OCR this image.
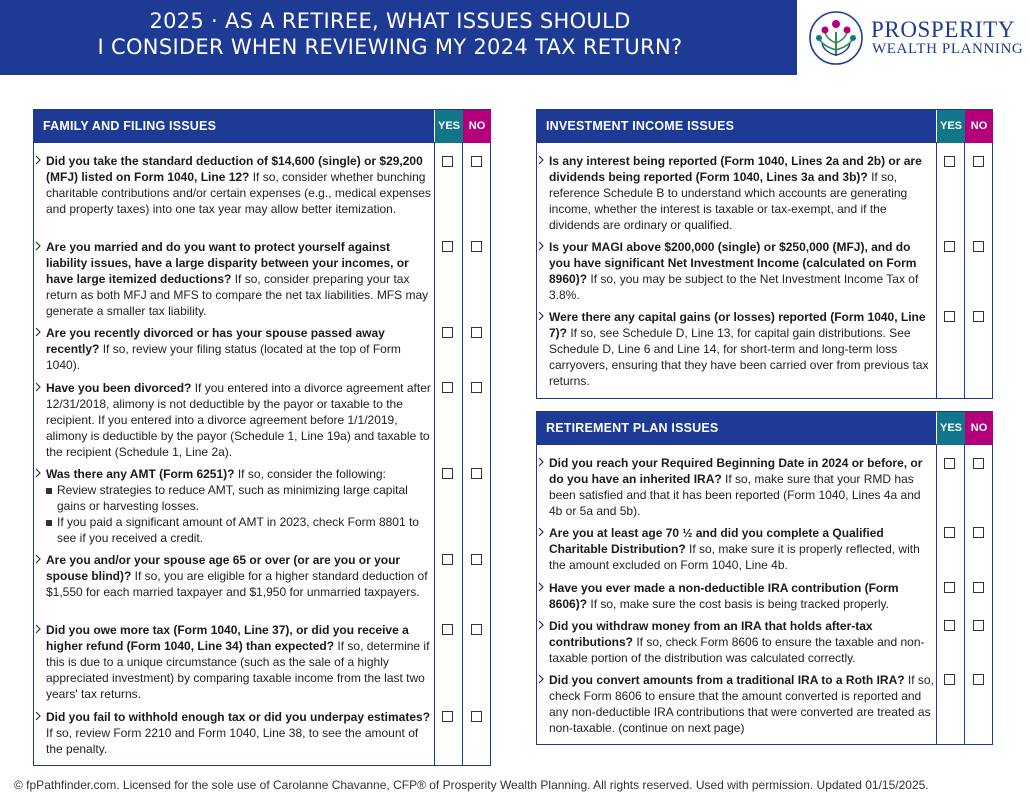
2025 · AS A RETIREE, WHAT ISSUES SHOULD
I CONSIDER WHEN REVIEWING MY 2024 TAX RETURN?
PROSPERITY
WEALTH PLANNING
FAMILY AND FILING ISSUES	YES NO
Did you take the standard deduction of $14,600 (single) or $29,200 (MFJ) listed on Form 1040, Line 12? If so, consider whether bunching charitable contributions and/or certain expenses (e.g., medical expenses and property taxes) into one tax year may allow better itemization.
Are you married and do you want to protect yourself against liability issues, have a large disparity between your incomes, or have large itemized deductions? If so, consider preparing your tax return as both MFJ and MFS to compare the net tax liabilities. MFS may generate a smaller tax liability.
Are you recently divorced or has your spouse passed away recently? If so, review your filing status (located at the top of Form 1040).
Have you been divorced? If you entered into a divorce agreement after 12/31/2018, alimony is not deductible by the payor or taxable to the recipient. If you entered into a divorce agreement before 1/1/2019, alimony is deductible by the payor (Schedule 1, Line 19a) and taxable to the recipient (Schedule 1, Line 2a).
Was there any AMT (Form 6251)? If so, consider the following:
Review strategies to reduce AMT, such as minimizing large capital gains or harvesting losses.
If you paid a significant amount of AMT in 2023, check Form 8801 to see if you received a credit.
Are you and/or your spouse age 65 or over (or are you or your spouse blind)? If so, you are eligible for a higher standard deduction of $1,550 for each married taxpayer and $1,950 for unmarried taxpayers.
Did you owe more tax (Form 1040, Line 37), or did you receive a higher refund (Form 1040, Line 34) than expected? If so, determine if this is due to a unique circumstance (such as the sale of a highly appreciated investment) by comparing taxable income from the last two years' tax returns.
Did you fail to withhold enough tax or did you underpay estimates? If so, review Form 2210 and Form 1040, Line 38, to see the amount of the penalty.
INVESTMENT INCOME ISSUES	YES NO
Is any interest being reported (Form 1040, Lines 2a and 2b) or are dividends being reported (Form 1040, Lines 3a and 3b)? If so, reference Schedule B to understand which accounts are generating income, whether the interest is taxable or tax-exempt, and if the dividends are ordinary or qualified.
Is your MAGI above $200,000 (single) or $250,000 (MFJ), and do you have significant Net Investment Income (calculated on Form 8960)? If so, you may be subject to the Net Investment Income Tax of 3.8%.
Were there any capital gains (or losses) reported (Form 1040, Line 7)? If so, see Schedule D, Line 13, for capital gain distributions. See Schedule D, Line 6 and Line 14, for short-term and long-term loss carryovers, ensuring that they have been carried over from previous tax returns.
RETIREMENT PLAN ISSUES	YES NO
Did you reach your Required Beginning Date in 2024 or before, or do you have an inherited IRA? If so, make sure that your RMD has been satisfied and that it has been reported (Form 1040, Lines 4a and 4b or 5a and 5b).
Are you at least age 70 ½ and did you complete a Qualified Charitable Distribution? If so, make sure it is properly reflected, with the amount excluded on Form 1040, Line 4b.
Have you ever made a non-deductible IRA contribution (Form 8606)? If so, make sure the cost basis is being tracked properly.
Did you withdraw money from an IRA that holds after-tax contributions? If so, check Form 8606 to ensure the taxable and non-taxable portion of the distribution was calculated correctly.
Did you convert amounts from a traditional IRA to a Roth IRA? If so, check Form 8606 to ensure that the amount converted is reported and any non-deductible IRA contributions that were converted are treated as non-taxable. (continue on next page)
© fpPathfinder.com. Licensed for the sole use of Carolanne Chavanne, CFP® of Prosperity Wealth Planning. All rights reserved. Used with permission. Updated 01/15/2025.
